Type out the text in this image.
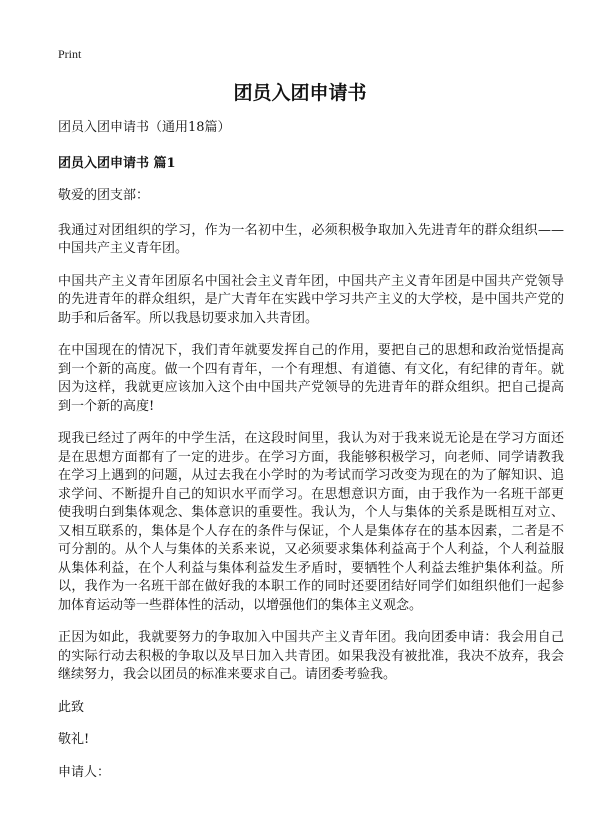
Print
团员入团申请书

团员入团申请书（通用18篇）

团员入团申请书 篇1

敬爱的团支部：

我通过对团组织的学习，作为一名初中生，必须积极争取加入先进青年的群众组织——中国共产主义青年团。

中国共产主义青年团原名中国社会主义青年团，中国共产主义青年团是中国共产党领导的先进青年的群众组织，是广大青年在实践中学习共产主义的大学校，是中国共产党的助手和后备军。所以我恳切要求加入共青团。

在中国现在的情况下，我们青年就要发挥自己的作用，要把自己的思想和政治觉悟提高到一个新的高度。做一个四有青年，一个有理想、有道德、有文化，有纪律的青年。就因为这样，我就更应该加入这个由中国共产党领导的先进青年的群众组织。把自己提高到一个新的高度!

现我已经过了两年的中学生活，在这段时间里，我认为对于我来说无论是在学习方面还是在思想方面都有了一定的进步。在学习方面，我能够积极学习，向老师、同学请教我在学习上遇到的问题，从过去我在小学时的为考试而学习改变为现在的为了解知识、追求学问、不断提升自己的知识水平而学习。在思想意识方面，由于我作为一名班干部更使我明白到集体观念、集体意识的重要性。我认为，个人与集体的关系是既相互对立、又相互联系的，集体是个人存在的条件与保证，个人是集体存在的基本因素，二者是不可分割的。从个人与集体的关系来说，又必须要求集体利益高于个人利益，个人利益服从集体利益，在个人利益与集体利益发生矛盾时，要牺牲个人利益去维护集体利益。所以，我作为一名班干部在做好我的本职工作的同时还要团结好同学们如组织他们一起参加体育运动等一些群体性的活动，以增强他们的集体主义观念。

正因为如此，我就要努力的争取加入中国共产主义青年团。我向团委申请：我会用自己的实际行动去积极的争取以及早日加入共青团。如果我没有被批准，我决不放弃，我会继续努力，我会以团员的标准来要求自己。请团委考验我。

此致

敬礼!

申请人：
